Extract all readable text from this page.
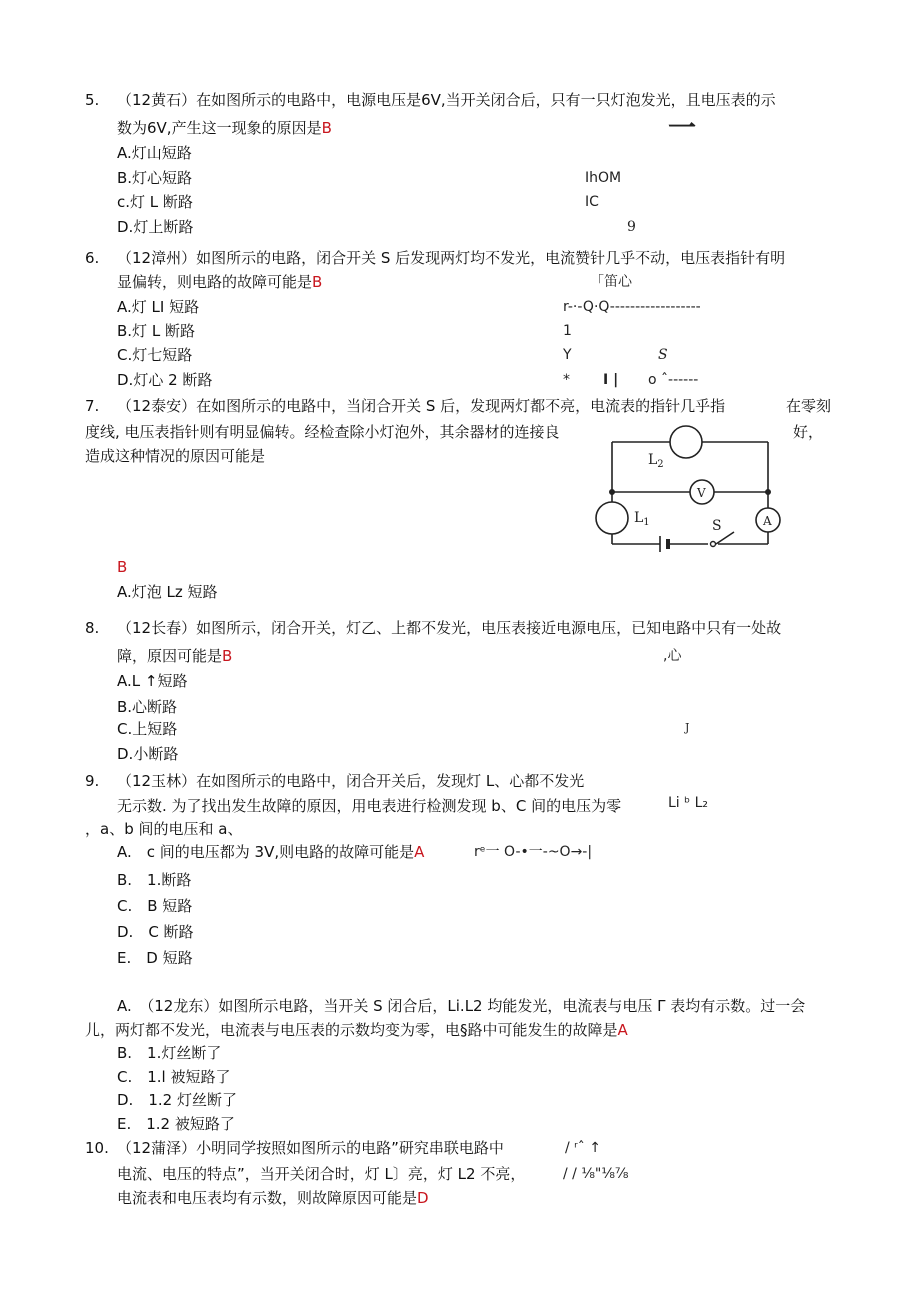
5. （12黄石）在如图所示的电路中，电源电压是6V,当开关闭合后，只有一只灯泡发光，且电压表的示
数为6V,产生这一现象的原因是B
A.灯山短路
B.灯心短路
c.灯 L 断路
D.灯上断路
一
IhOM
IC
9
6. （12漳州）如图所示的电路，闭合开关 S 后发现两灯均不发光，电流赞针几乎不动，电压表指针有明
显偏转，则电路的故障可能是B
A.灯 LI 短路
B.灯 L 断路
C.灯七短路
D.灯心 2 断路
「笛心
r-·-Q·Q------------------
1
Y	S
* I | o ˆ------
7. （12泰安）在如图所示的电路中，当闭合开关 S 后，发现两灯都不亮，电流表的指针几乎指	在零刻
度线, 电压表指针则有明显偏转。经检查除小灯泡外，其余器材的连接良	好，
造成这种情况的原因可能是
B
A.灯泡 Lz 短路
$L_2$
$L_1$
V
A
S
8. （12长春）如图所示，闭合开关，灯乙、上都不发光，电压表接近电源电压，已知电路中只有一处故
障，原因可能是B
A.L ↑短路
B.心断路
C.上短路
D.小断路
,心
J
9. （12玉林）在如图所示的电路中，闭合开关后，发现灯 L、心都不发光
无示数. 为了找出发生故障的原因，用电表进行检测发现 b、C 间的电压为零
，a、b 间的电压和 a、
A.　c 间的电压都为 3V,则电路的故障可能是A
B.　1.断路
C.　B 短路
D.　C 断路
E.　D 短路
Li ᵇ L₂
rᵉ一 O-•一-~O→-|
A.　（12龙东）如图所示电路，当开关 S 闭合后，Li.L2 均能发光，电流表与电压 Γ 表均有示数。过一会
儿，两灯都不发光，电流表与电压表的示数均变为零，电§路中可能发生的故障是A
B.　1.灯丝断了
C.　1.l 被短路了
D.　1.2 灯丝断了
E.　1.2 被短路了
10. （12蒲泽）小明同学按照如图所示的电路”研究串联电路中
电流、电压的特点”，当开关闭合时，灯 L〕亮，灯 L2 不亮，
电流表和电压表均有示数，则故障原因可能是D
/ ʳˆ ↑
/ / ⅛"⅛⅞
